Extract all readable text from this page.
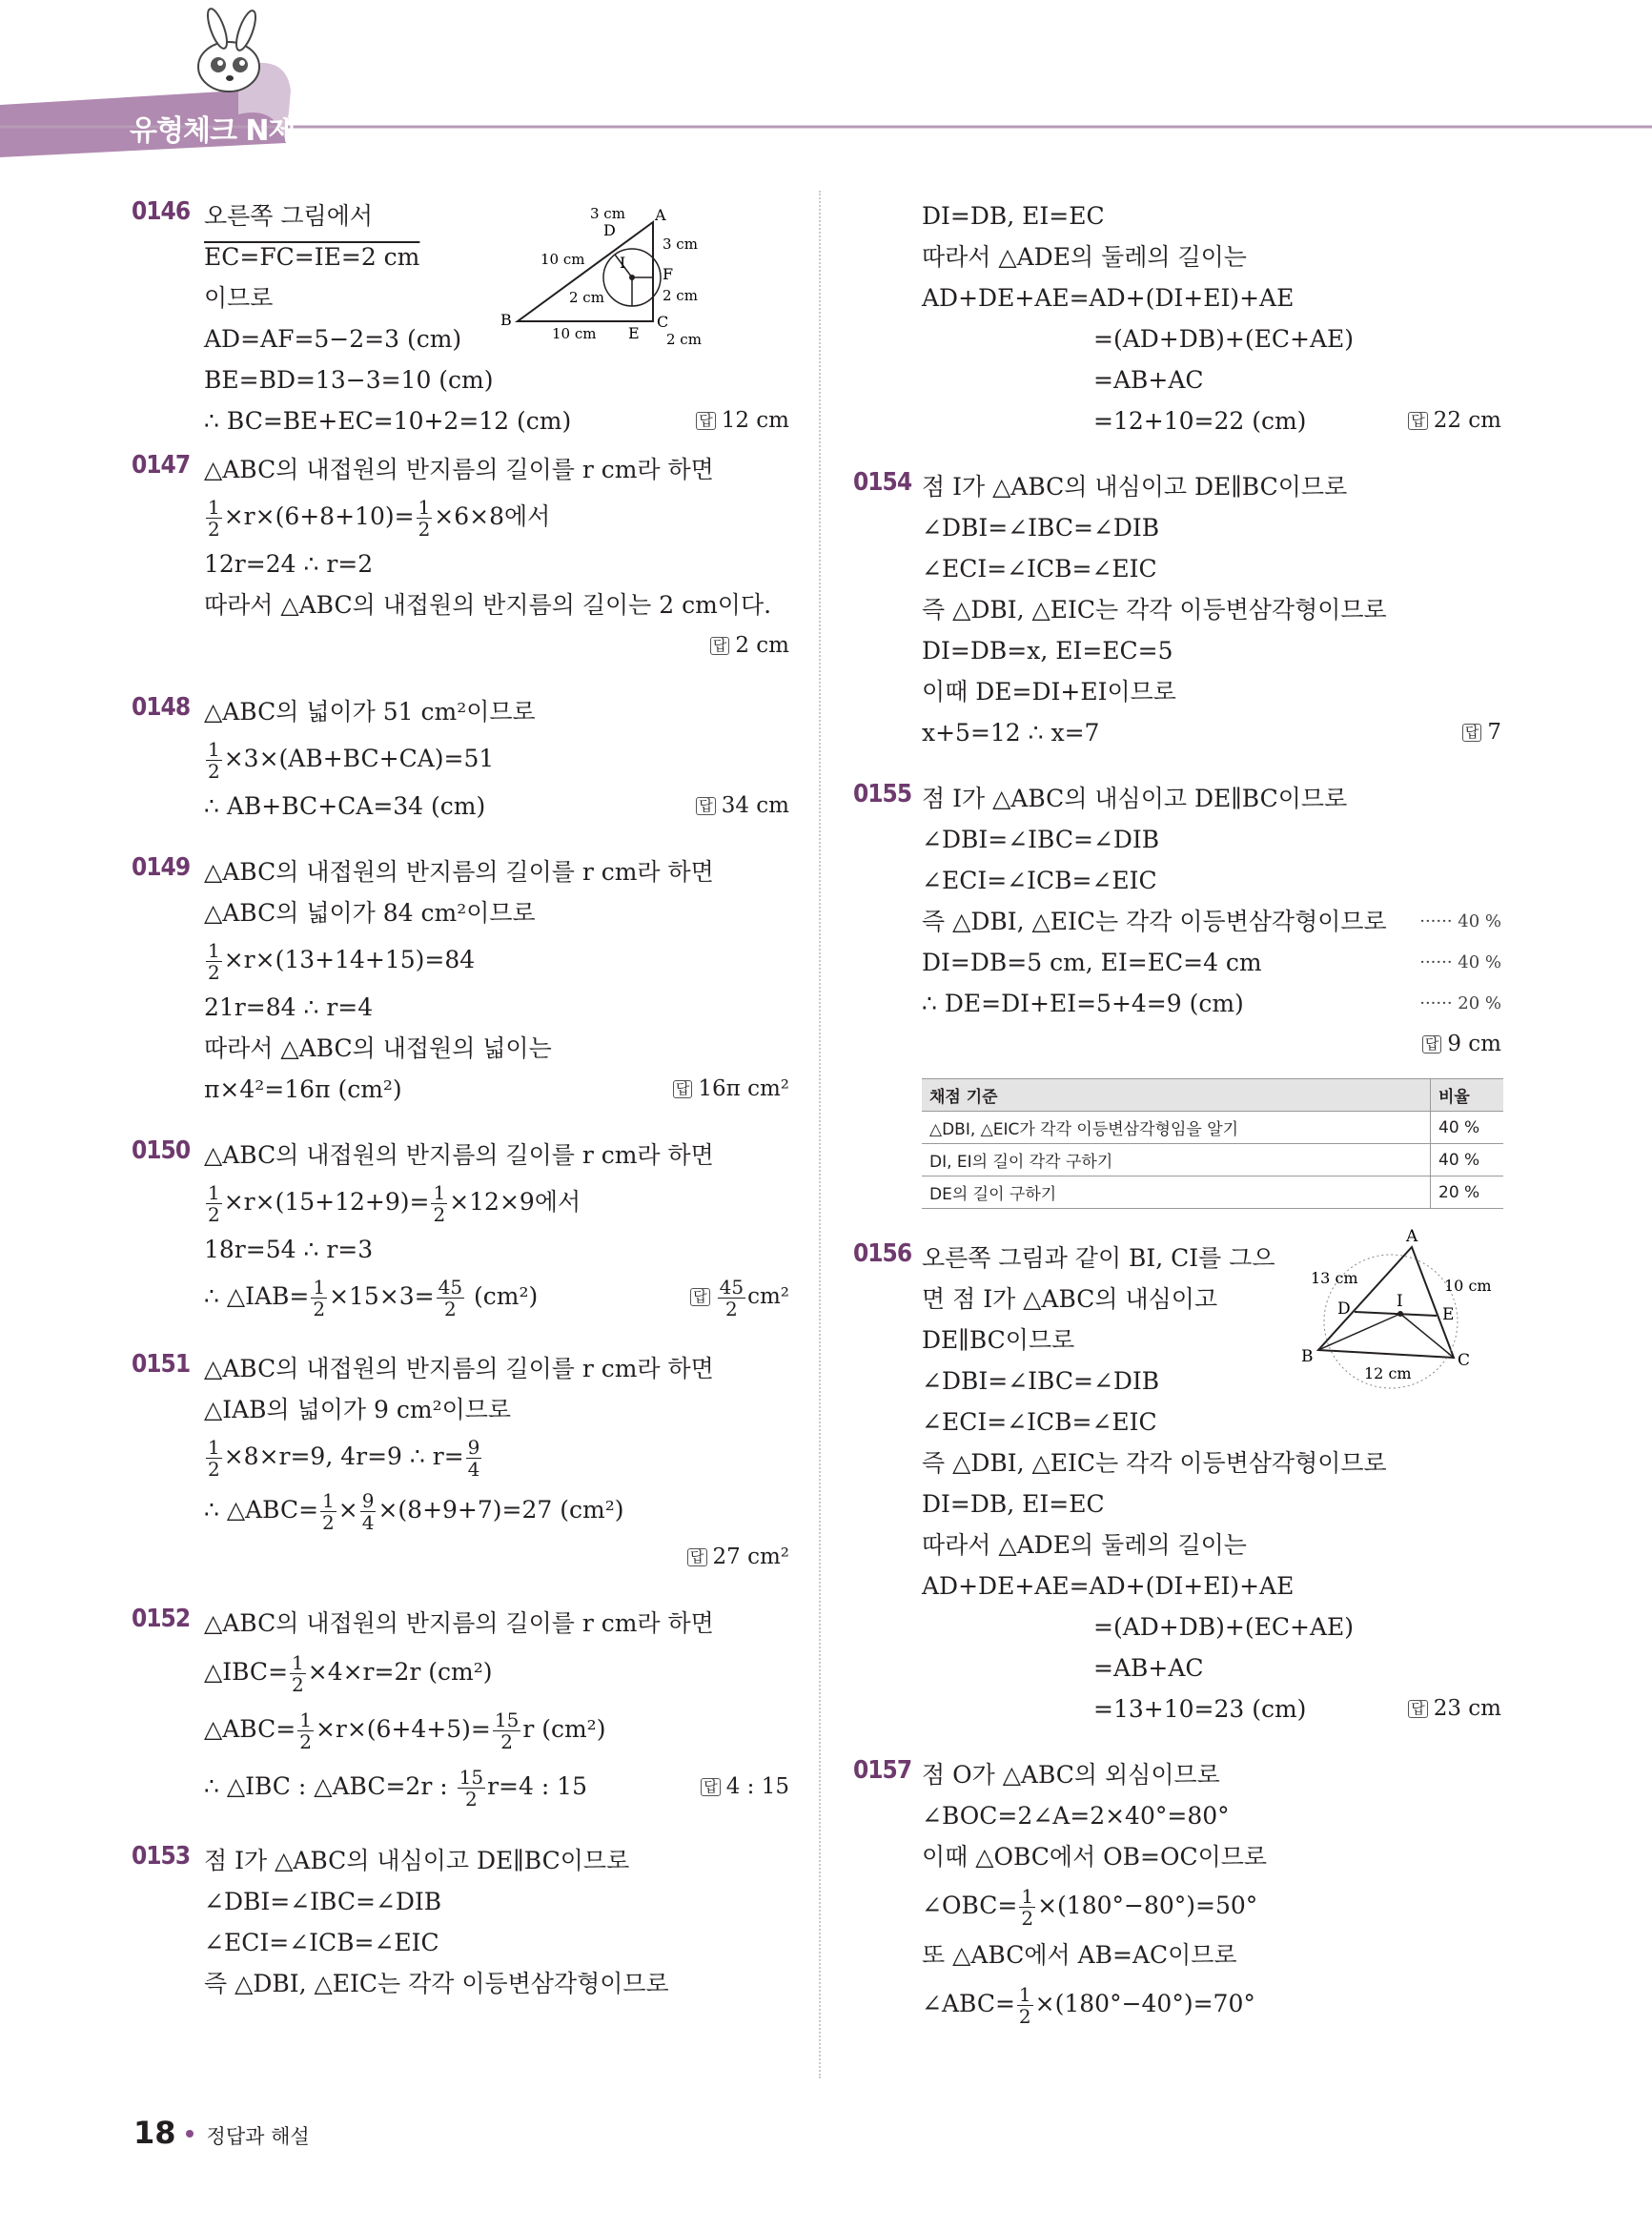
유형체크 N제
0146 오른쪽 그림에서
EC=FC=IE=2 cm
이므로
AD=AF=5−2=3 (cm)
BE=BD=13−3=10 (cm)
∴ BC=BE+EC=10+2=12 (cm)	답 12 cm
3 cm A
D
I
3 cm
F
10 cm
2 cm	2 cm
B
10 cm E
C
2 cm
0147 △ABC의 내접원의 반지름의 길이를 r cm라 하면
$\frac{1}{2} \times r\times(6+8+10)= \frac{1}{2} \times 6\times 8$에서
12r=24 ∴ r=2
따라서 △ABC의 내접원의 반지름의 길이는 2 cm이다.

답 2 cm
0148 △ABC의 넓이가 51 cm²이므로
$\frac{1}{2} \times 3\times(AB+BC+CA)=51$
∴ AB+BC+CA=34 (cm)	답 34 cm
0149 △ABC의 내접원의 반지름의 길이를 r cm라 하면
△ABC의 넓이가 84 cm²이므로
$\frac{1}{2} \times r\times(13+14+15)=84$
21r=84 ∴ r=4
따라서 △ABC의 내접원의 넓이는
π×4²=16π (cm²)	답 16π cm²
0150 △ABC의 내접원의 반지름의 길이를 r cm라 하면
$\frac{1}{2} \times r\times(15+12+9)= \frac{1}{2} \times 12\times 9$에서
18r=54 ∴ r=3
∴ △IAB= $\frac{1}{2} \times 15\times 3= \frac{45}{2} (cm^2)$	답 $\frac{45}{2} cm^2$
0151 △ABC의 내접원의 반지름의 길이를 r cm라 하면
△IAB의 넓이가 9 cm²이므로
$\frac{1}{2} \times 8\times r=9$, 4r=9 ∴ $r= \frac{9}{4}$
∴ △ABC= $\frac{1}{2} \times \frac{9}{4} \times(8+9+7)=27$ (cm²)

답 27 cm²
0152 △ABC의 내접원의 반지름의 길이를 r cm라 하면
△IBC= $\frac{1}{2} \times 4\times r=2r$ (cm²)
△ABC= $\frac{1}{2} \times r\times(6+4+5)= \frac{15}{2}$ r (cm²)
∴ △IBC : △ABC=2r : $\frac{15}{2} r=4$ : 15	답 4 : 15
0153 점 I가 △ABC의 내심이고 DE∥BC이므로
∠DBI=∠IBC=∠DIB
∠ECI=∠ICB=∠EIC
즉 △DBI, △EIC는 각각 이등변삼각형이므로
DI=DB, EI=EC
따라서 △ADE의 둘레의 길이는
AD+DE+AE=AD+(DI+EI)+AE
=(AD+DB)+(EC+AE)
=AB+AC
=12+10=22 (cm)	답 22 cm
0154 점 I가 △ABC의 내심이고 DE∥BC이므로
∠DBI=∠IBC=∠DIB
∠ECI=∠ICB=∠EIC
즉 △DBI, △EIC는 각각 이등변삼각형이므로
DI=DB=x, EI=EC=5
이때 DE=DI+EI이므로
x+5=12 ∴ x=7	답 7
0155 점 I가 △ABC의 내심이고 DE∥BC이므로
∠DBI=∠IBC=∠DIB
∠ECI=∠ICB=∠EIC
즉 △DBI, △EIC는 각각 이등변삼각형이므로 ······ 40 %
DI=DB=5 cm, EI=EC=4 cm	······ 40 %
∴ DE=DI+EI=5+4=9 (cm)	······ 20 %

답 9 cm
채점 기준	비율
△DBI, △EIC가 각각 이등변삼각형임을 알기	40 %
DI, EI의 길이 각각 구하기	40 %
DE의 길이 구하기	20 %
0156 오른쪽 그림과 같이 BI, CI를 그으
면 점 I가 △ABC의 내심이고
DE∥BC이므로
∠DBI=∠IBC=∠DIB
∠ECI=∠ICB=∠EIC
즉 △DBI, △EIC는 각각 이등변삼각형이므로
DI=DB, EI=EC
따라서 △ADE의 둘레의 길이는
AD+DE+AE=AD+(DI+EI)+AE
=(AD+DB)+(EC+AE)
=AB+AC
=13+10=23 (cm)	답 23 cm
A
13 cm	10 cm
D	I
E
B
12 cm
C
0157 점 O가 △ABC의 외심이므로
∠BOC=2∠A=2×40°=80°
이때 △OBC에서 OB=OC이므로
∠OBC= $\frac{1}{2} \times(180^\circ-80^\circ)=50^\circ$
또 △ABC에서 AB=AC이므로
∠ABC= $\frac{1}{2} \times(180^\circ-40^\circ)=70^\circ$
18 정답과 해설
